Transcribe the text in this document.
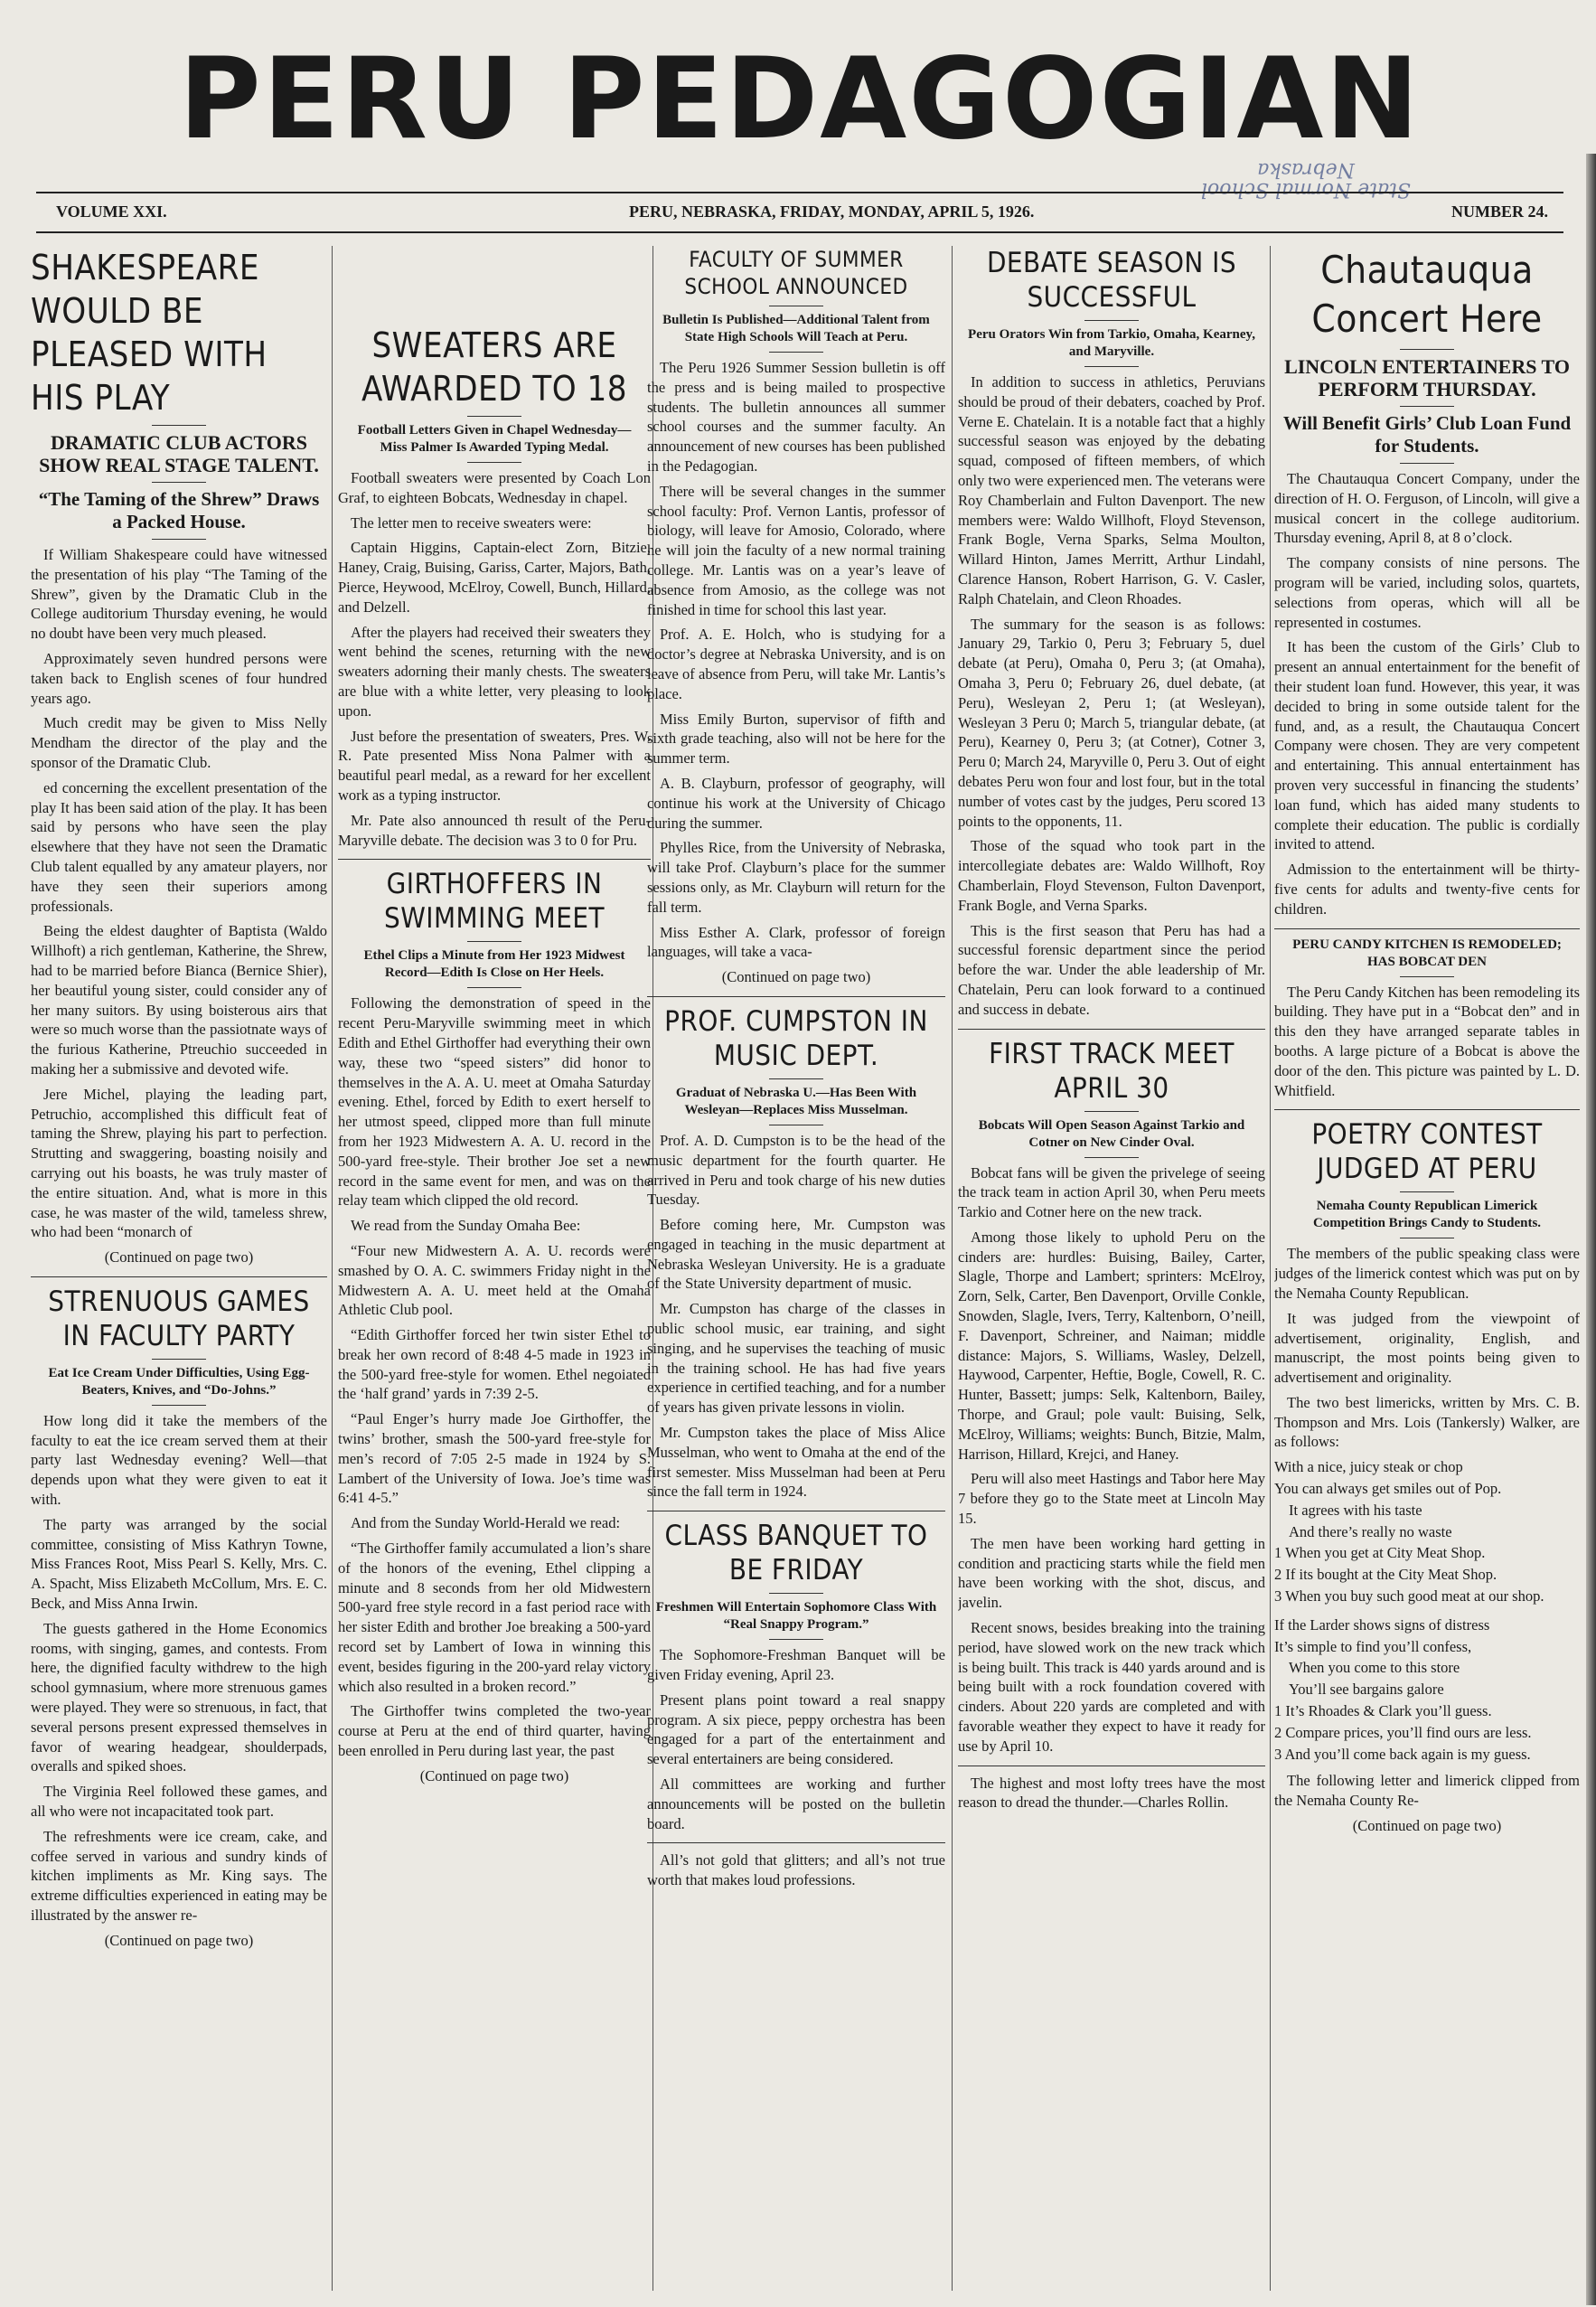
PERU PEDAGOGIAN
State Normal School
Nebraska
VOLUME XXI.	PERU, NEBRASKA, FRIDAY, MONDAY, APRIL 5, 1926.	NUMBER 24.
SHAKESPEARE WOULD BE PLEASED WITH HIS PLAY
DRAMATIC CLUB ACTORS SHOW REAL STAGE TALENT.
“The Taming of the Shrew” Draws a Packed House.

If William Shakespeare could have witnessed the presentation of his play “The Taming of the Shrew”, given by the Dramatic Club in the College auditorium Thursday evening, he would no doubt have been very much pleased.

Approximately seven hundred persons were taken back to English scenes of four hundred years ago.

Much credit may be given to Miss Nelly Mendham the director of the play and the sponsor of the Dramatic Club.

ed concerning the excellent presentation of the play It has been said ation of the play. It has been said by persons who have seen the play elsewhere that they have not seen the Dramatic Club talent equalled by any amateur players, nor have they seen their superiors among professionals.

Being the eldest daughter of Baptista (Waldo Willhoft) a rich gentleman, Katherine, the Shrew, had to be married before Bianca (Bernice Shier), her beautiful young sister, could consider any of her many suitors. By using boisterous airs that were so much worse than the passiotnate ways of the furious Katherine, Ptreuchio succeeded in making her a submissive and devoted wife.

Jere Michel, playing the leading part, Petruchio, accomplished this difficult feat of taming the Shrew, playing his part to perfection. Strutting and swaggering, boasting noisily and carrying out his boasts, he was truly master of the entire situation. And, what is more in this case, he was master of the wild, tameless shrew, who had been “monarch of

(Continued on page two)

STRENUOUS GAMES IN FACULTY PARTY
Eat Ice Cream Under Difficulties, Using Egg-Beaters, Knives, and “Do-Johns.”

How long did it take the members of the faculty to eat the ice cream served them at their party last Wednesday evening? Well—that depends upon what they were given to eat it with.

The party was arranged by the social committee, consisting of Miss Kathryn Towne, Miss Frances Root, Miss Pearl S. Kelly, Mrs. C. A. Spacht, Miss Elizabeth McCollum, Mrs. E. C. Beck, and Miss Anna Irwin.

The guests gathered in the Home Economics rooms, with singing, games, and contests. From here, the dignified faculty withdrew to the high school gymnasium, where more strenuous games were played. They were so strenuous, in fact, that several persons present expressed themselves in favor of wearing headgear, shoulderpads, overalls and spiked shoes.

The Virginia Reel followed these games, and all who were not incapacitated took part.

The refreshments were ice cream, cake, and coffee served in various and sundry kinds of kitchen impliments as Mr. King says. The extreme difficulties experienced in eating may be illustrated by the answer re-

(Continued on page two)

SWEATERS ARE AWARDED TO 18
Football Letters Given in Chapel Wednesday—Miss Palmer Is Awarded Typing Medal.

Football sweaters were presented by Coach Lon Graf, to eighteen Bobcats, Wednesday in chapel.

The letter men to receive sweaters were:

Captain Higgins, Captain-elect Zorn, Bitzie, Haney, Craig, Buising, Gariss, Carter, Majors, Bath, Pierce, Heywood, McElroy, Cowell, Bunch, Hillard, and Delzell.

After the players had received their sweaters they went behind the scenes, returning with the new sweaters adorning their manly chests. The sweaters are blue with a white letter, very pleasing to look upon.

Just before the presentation of sweaters, Pres. W. R. Pate presented Miss Nona Palmer with a beautiful pearl medal, as a reward for her excellent work as a typing instructor.

Mr. Pate also announced th result of the Peru-Maryville debate. The decision was 3 to 0 for Pru.

GIRTHOFFERS IN SWIMMING MEET
Ethel Clips a Minute from Her 1923 Midwest Record—Edith Is Close on Her Heels.

Following the demonstration of speed in the recent Peru-Maryville swimming meet in which Edith and Ethel Girthoffer had everything their own way, these two “speed sisters” did honor to themselves in the A. A. U. meet at Omaha Saturday evening. Ethel, forced by Edith to exert herself to her utmost speed, clipped more than full minute from her 1923 Midwestern A. A. U. record in the 500-yard free-style. Their brother Joe set a new record in the same event for men, and was on the relay team which clipped the old record.

We read from the Sunday Omaha Bee:

“Four new Midwestern A. A. U. records were smashed by O. A. C. swimmers Friday night in the Midwestern A. A. U. meet held at the Omaha Athletic Club pool.

“Edith Girthoffer forced her twin sister Ethel to break her own record of 8:48 4-5 made in 1923 in the 500-yard free-style for women. Ethel negoiated the ‘half grand’ yards in 7:39 2-5.

“Paul Enger’s hurry made Joe Girthoffer, the twins’ brother, smash the 500-yard free-style for men’s record of 7:05 2-5 made in 1924 by S. Lambert of the University of Iowa. Joe’s time was 6:41 4-5.”

And from the Sunday World-Herald we read:

“The Girthoffer family accumulated a lion’s share of the honors of the evening, Ethel clipping a minute and 8 seconds from her old Midwestern 500-yard free style record in a fast period race with her sister Edith and brother Joe breaking a 500-yard record set by Lambert of Iowa in winning this event, besides figuring in the 200-yard relay victory which also resulted in a broken record.”

The Girthoffer twins completed the two-year course at Peru at the end of third quarter, having been enrolled in Peru during last year, the past

(Continued on page two)

FACULTY OF SUMMER SCHOOL ANNOUNCED
Bulletin Is Published—Additional Talent from State High Schools Will Teach at Peru.

The Peru 1926 Summer Session bulletin is off the press and is being mailed to prospective students. The bulletin announces all summer school courses and the summer faculty. An announcement of new courses has been published in the Pedagogian.

There will be several changes in the summer school faculty: Prof. Vernon Lantis, professor of biology, will leave for Amosio, Colorado, where he will join the faculty of a new normal training college. Mr. Lantis was on a year’s leave of absence from Amosio, as the college was not finished in time for school this last year.

Prof. A. E. Holch, who is studying for a doctor’s degree at Nebraska University, and is on leave of absence from Peru, will take Mr. Lantis’s place.

Miss Emily Burton, supervisor of fifth and sixth grade teaching, also will not be here for the summer term.

A. B. Clayburn, professor of geography, will continue his work at the University of Chicago during the summer.

Phylles Rice, from the University of Nebraska, will take Prof. Clayburn’s place for the summer sessions only, as Mr. Clayburn will return for the fall term.

Miss Esther A. Clark, professor of foreign languages, will take a vaca-

(Continued on page two)

PROF. CUMPSTON IN MUSIC DEPT.
Graduat of Nebraska U.—Has Been With Wesleyan—Replaces Miss Musselman.

Prof. A. D. Cumpston is to be the head of the music department for the fourth quarter. He arrived in Peru and took charge of his new duties Tuesday.

Before coming here, Mr. Cumpston was engaged in teaching in the music department at Nebraska Wesleyan University. He is a graduate of the State University department of music.

Mr. Cumpston has charge of the classes in public school music, ear training, and sight singing, and he supervises the teaching of music in the training school. He has had five years experience in certified teaching, and for a number of years has given private lessons in violin.

Mr. Cumpston takes the place of Miss Alice Musselman, who went to Omaha at the end of the first semester. Miss Musselman had been at Peru since the fall term in 1924.

CLASS BANQUET TO BE FRIDAY
Freshmen Will Entertain Sophomore Class With “Real Snappy Program.”

The Sophomore-Freshman Banquet will be given Friday evening, April 23.

Present plans point toward a real snappy program. A six piece, peppy orchestra has been engaged for a part of the entertainment and several entertainers are being considered.

All committees are working and further announcements will be posted on the bulletin board.

All’s not gold that glitters; and all’s not true worth that makes loud professions.

DEBATE SEASON IS SUCCESSFUL
Peru Orators Win from Tarkio, Omaha, Kearney, and Maryville.

In addition to success in athletics, Peruvians should be proud of their debaters, coached by Prof. Verne E. Chatelain. It is a notable fact that a highly successful season was enjoyed by the debating squad, composed of fifteen members, of which only two were experienced men. The veterans were Roy Chamberlain and Fulton Davenport. The new members were: Waldo Willhoft, Floyd Stevenson, Frank Bogle, Verna Sparks, Selma Moulton, Willard Hinton, James Merritt, Arthur Lindahl, Clarence Hanson, Robert Harrison, G. V. Casler, Ralph Chatelain, and Cleon Rhoades.

The summary for the season is as follows: January 29, Tarkio 0, Peru 3; February 5, duel debate (at Peru), Omaha 0, Peru 3; (at Omaha), Omaha 3, Peru 0; February 26, duel debate, (at Peru), Wesleyan 2, Peru 1; (at Wesleyan), Wesleyan 3 Peru 0; March 5, triangular debate, (at Peru), Kearney 0, Peru 3; (at Cotner), Cotner 3, Peru 0; March 24, Maryville 0, Peru 3. Out of eight debates Peru won four and lost four, but in the total number of votes cast by the judges, Peru scored 13 points to the opponents, 11.

Those of the squad who took part in the intercollegiate debates are: Waldo Willhoft, Roy Chamberlain, Floyd Stevenson, Fulton Davenport, Frank Bogle, and Verna Sparks.

This is the first season that Peru has had a successful forensic department since the period before the war. Under the able leadership of Mr. Chatelain, Peru can look forward to a continued and success in debate.

FIRST TRACK MEET APRIL 30
Bobcats Will Open Season Against Tarkio and Cotner on New Cinder Oval.

Bobcat fans will be given the privelege of seeing the track team in action April 30, when Peru meets Tarkio and Cotner here on the new track.

Among those likely to uphold Peru on the cinders are: hurdles: Buising, Bailey, Carter, Slagle, Thorpe and Lambert; sprinters: McElroy, Zorn, Selk, Carter, Ben Davenport, Orville Conkle, Snowden, Slagle, Ivers, Terry, Kaltenborn, O’neill, F. Davenport, Schreiner, and Naiman; middle distance: Majors, S. Williams, Wasley, Delzell, Haywood, Carpenter, Heftie, Bogle, Cowell, R. C. Hunter, Bassett; jumps: Selk, Kaltenborn, Bailey, Thorpe, and Graul; pole vault: Buising, Selk, McElroy, Williams; weights: Bunch, Bitzie, Malm, Harrison, Hillard, Krejci, and Haney.

Peru will also meet Hastings and Tabor here May 7 before they go to the State meet at Lincoln May 15.

The men have been working hard getting in condition and practicing starts while the field men have been working with the shot, discus, and javelin.

Recent snows, besides breaking into the training period, have slowed work on the new track which is being built. This track is 440 yards around and is being built with a rock foundation covered with cinders. About 220 yards are completed and with favorable weather they expect to have it ready for use by April 10.

The highest and most lofty trees have the most reason to dread the thunder.—Charles Rollin.

Chautauqua Concert Here
LINCOLN ENTERTAINERS TO PERFORM THURSDAY.
Will Benefit Girls’ Club Loan Fund for Students.

The Chautauqua Concert Company, under the direction of H. O. Ferguson, of Lincoln, will give a musical concert in the college auditorium. Thursday evening, April 8, at 8 o’clock.

The company consists of nine persons. The program will be varied, including solos, quartets, selections from operas, which will all be represented in costumes.

It has been the custom of the Girls’ Club to present an annual entertainment for the benefit of their student loan fund. However, this year, it was decided to bring in some outside talent for the fund, and, as a result, the Chautauqua Concert Company were chosen. They are very competent and entertaining. This annual entertainment has proven very successful in financing the students’ loan fund, which has aided many students to complete their education. The public is cordially invited to attend.

Admission to the entertainment will be thirty-five cents for adults and twenty-five cents for children.

PERU CANDY KITCHEN IS REMODELED; HAS BOBCAT DEN

The Peru Candy Kitchen has been remodeling its building. They have put in a “Bobcat den” and in this den they have arranged separate tables in booths. A large picture of a Bobcat is above the door of the den. This picture was painted by L. D. Whitfield.

POETRY CONTEST JUDGED AT PERU
Nemaha County Republican Limerick Competition Brings Candy to Students.

The members of the public speaking class were judges of the limerick contest which was put on by the Nemaha County Republican.

It was judged from the viewpoint of advertisement, originality, English, and manuscript, the most points being given to advertisement and originality.

The two best limericks, written by Mrs. C. B. Thompson and Mrs. Lois (Tankersly) Walker, are as follows:

With a nice, juicy steak or chop

You can always get smiles out of Pop.

It agrees with his taste

And there’s really no waste

1 When you get at City Meat Shop.

2 If its bought at the City Meat Shop.

3 When you buy such good meat at our shop.

If the Larder shows signs of distress

It’s simple to find you’ll confess,

When you come to this store

You’ll see bargains galore

1 It’s Rhoades & Clark you’ll guess.

2 Compare prices, you’ll find ours are less.

3 And you’ll come back again is my guess.

The following letter and limerick clipped from the Nemaha County Re-

(Continued on page two)
